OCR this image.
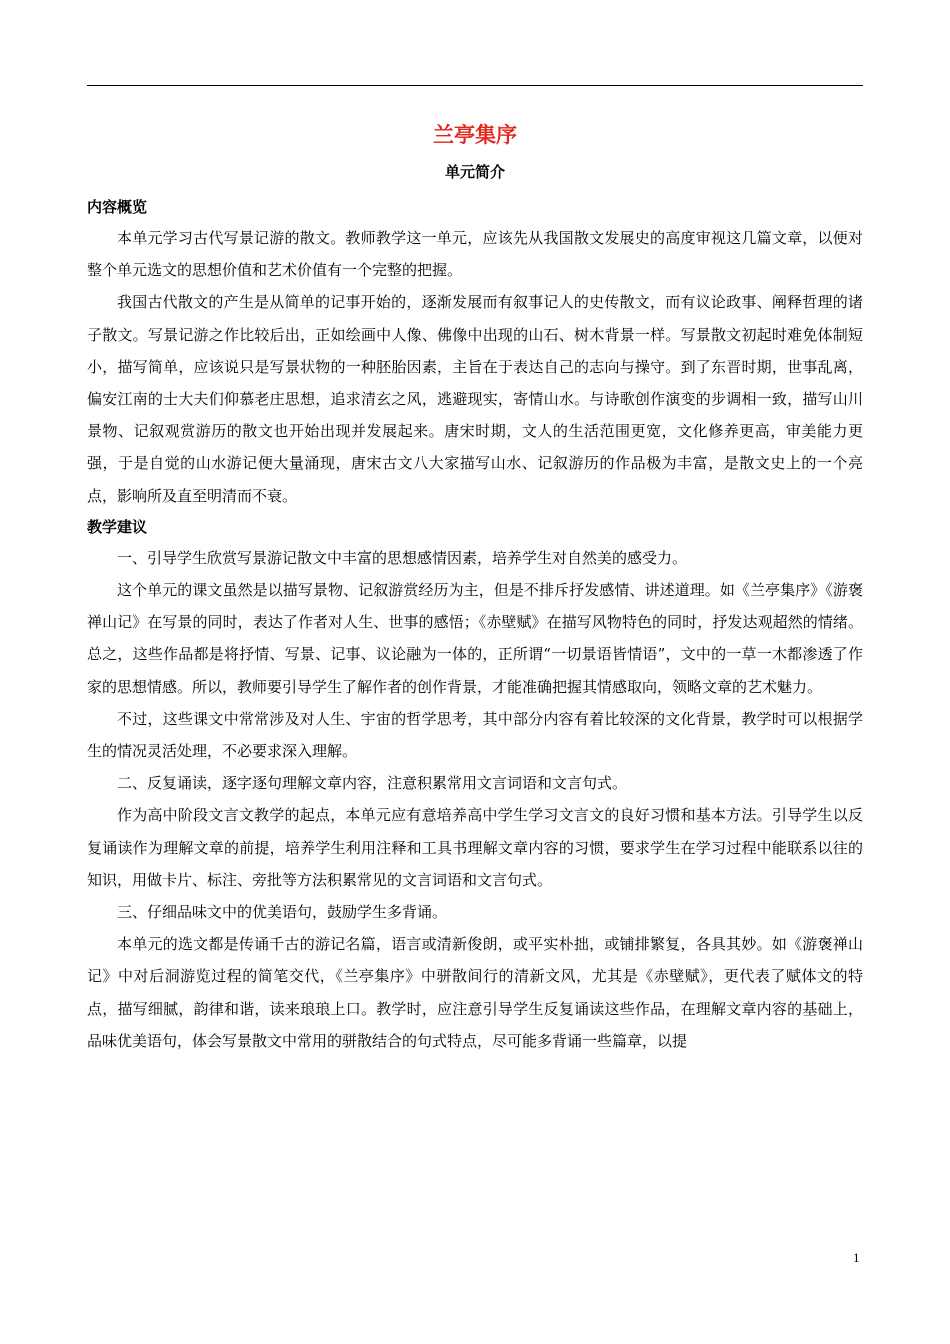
兰亭集序
单元简介
内容概览

本单元学习古代写景记游的散文。教师教学这一单元，应该先从我国散文发展史的高度审视这几篇文章，以便对整个单元选文的思想价值和艺术价值有一个完整的把握。

我国古代散文的产生是从简单的记事开始的，逐渐发展而有叙事记人的史传散文，而有议论政事、阐释哲理的诸子散文。写景记游之作比较后出，正如绘画中人像、佛像中出现的山石、树木背景一样。写景散文初起时难免体制短小，描写简单，应该说只是写景状物的一种胚胎因素，主旨在于表达自己的志向与操守。到了东晋时期，世事乱离，偏安江南的士大夫们仰慕老庄思想，追求清玄之风，逃避现实，寄情山水。与诗歌创作演变的步调相一致，描写山川景物、记叙观赏游历的散文也开始出现并发展起来。唐宋时期，文人的生活范围更宽，文化修养更高，审美能力更强，于是自觉的山水游记便大量涌现，唐宋古文八大家描写山水、记叙游历的作品极为丰富，是散文史上的一个亮点，影响所及直至明清而不衰。

教学建议

一、引导学生欣赏写景游记散文中丰富的思想感情因素，培养学生对自然美的感受力。

这个单元的课文虽然是以描写景物、记叙游赏经历为主，但是不排斥抒发感情、讲述道理。如《兰亭集序》《游褒禅山记》在写景的同时，表达了作者对人生、世事的感悟；《赤壁赋》在描写风物特色的同时，抒发达观超然的情绪。总之，这些作品都是将抒情、写景、记事、议论融为一体的，正所谓“一切景语皆情语”，文中的一草一木都渗透了作家的思想情感。所以，教师要引导学生了解作者的创作背景，才能准确把握其情感取向，领略文章的艺术魅力。

不过，这些课文中常常涉及对人生、宇宙的哲学思考，其中部分内容有着比较深的文化背景，教学时可以根据学生的情况灵活处理，不必要求深入理解。

二、反复诵读，逐字逐句理解文章内容，注意积累常用文言词语和文言句式。

作为高中阶段文言文教学的起点，本单元应有意培养高中学生学习文言文的良好习惯和基本方法。引导学生以反复诵读作为理解文章的前提，培养学生利用注释和工具书理解文章内容的习惯，要求学生在学习过程中能联系以往的知识，用做卡片、标注、旁批等方法积累常见的文言词语和文言句式。

三、仔细品味文中的优美语句，鼓励学生多背诵。

本单元的选文都是传诵千古的游记名篇，语言或清新俊朗，或平实朴拙，或铺排繁复，各具其妙。如《游褒禅山记》中对后洞游览过程的简笔交代，《兰亭集序》中骈散间行的清新文风，尤其是《赤壁赋》，更代表了赋体文的特点，描写细腻，韵律和谐，读来琅琅上口。教学时，应注意引导学生反复诵读这些作品，在理解文章内容的基础上，品味优美语句，体会写景散文中常用的骈散结合的句式特点，尽可能多背诵一些篇章，以提

1
